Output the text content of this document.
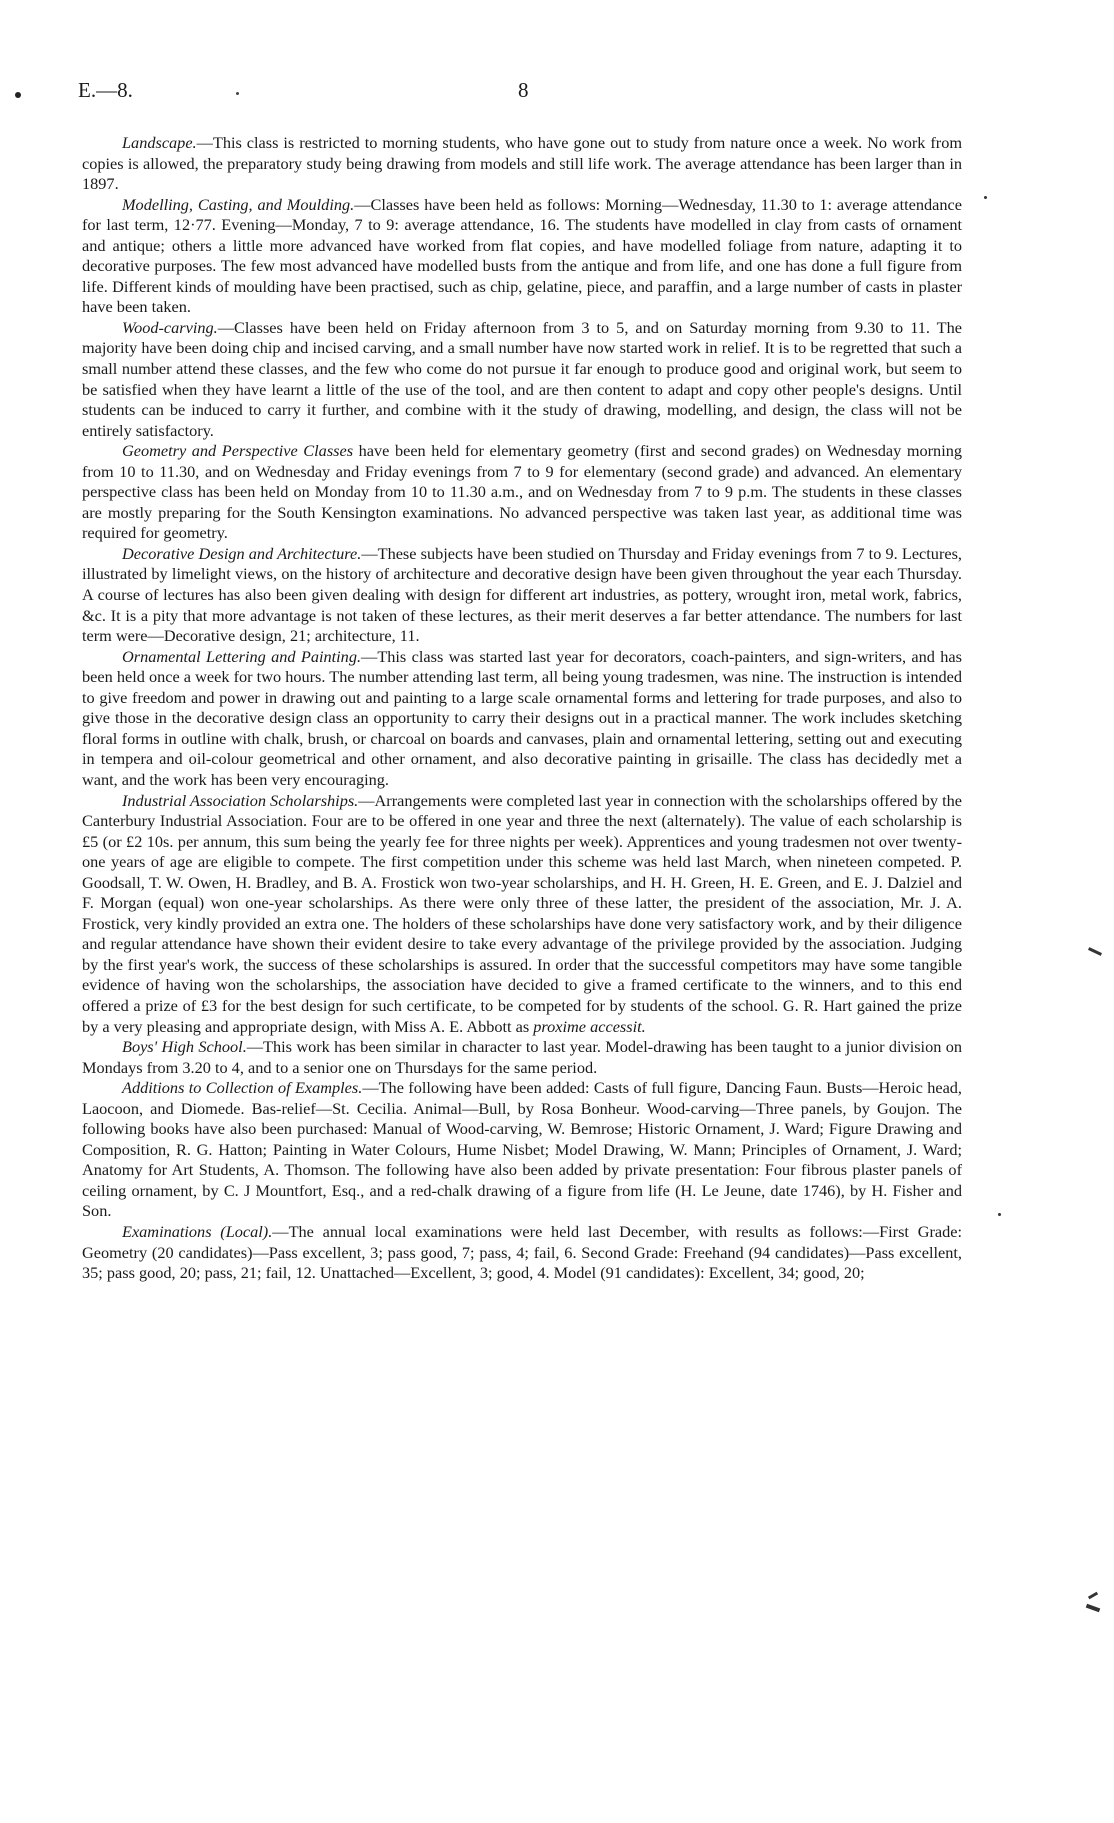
E.—8.	8

Landscape.—This class is restricted to morning students, who have gone out to study from nature once a week. No work from copies is allowed, the preparatory study being drawing from models and still life work. The average attendance has been larger than in 1897.

Modelling, Casting, and Moulding.—Classes have been held as follows: Morning—Wednesday, 11.30 to 1: average attendance for last term, 12·77. Evening—Monday, 7 to 9: average attendance, 16. The students have modelled in clay from casts of ornament and antique; others a little more advanced have worked from flat copies, and have modelled foliage from nature, adapting it to decorative purposes. The few most advanced have modelled busts from the antique and from life, and one has done a full figure from life. Different kinds of moulding have been practised, such as chip, gelatine, piece, and paraffin, and a large number of casts in plaster have been taken.

Wood-carving.—Classes have been held on Friday afternoon from 3 to 5, and on Saturday morning from 9.30 to 11. The majority have been doing chip and incised carving, and a small number have now started work in relief. It is to be regretted that such a small number attend these classes, and the few who come do not pursue it far enough to produce good and original work, but seem to be satisfied when they have learnt a little of the use of the tool, and are then content to adapt and copy other people's designs. Until students can be induced to carry it further, and combine with it the study of drawing, modelling, and design, the class will not be entirely satisfactory.

Geometry and Perspective Classes have been held for elementary geometry (first and second grades) on Wednesday morning from 10 to 11.30, and on Wednesday and Friday evenings from 7 to 9 for elementary (second grade) and advanced. An elementary perspective class has been held on Monday from 10 to 11.30 a.m., and on Wednesday from 7 to 9 p.m. The students in these classes are mostly preparing for the South Kensington examinations. No advanced perspective was taken last year, as additional time was required for geometry.

Decorative Design and Architecture.—These subjects have been studied on Thursday and Friday evenings from 7 to 9. Lectures, illustrated by limelight views, on the history of architecture and decorative design have been given throughout the year each Thursday. A course of lectures has also been given dealing with design for different art industries, as pottery, wrought iron, metal work, fabrics, &c. It is a pity that more advantage is not taken of these lectures, as their merit deserves a far better attendance. The numbers for last term were—Decorative design, 21; architecture, 11.

Ornamental Lettering and Painting.—This class was started last year for decorators, coach-painters, and sign-writers, and has been held once a week for two hours. The number attending last term, all being young tradesmen, was nine. The instruction is intended to give freedom and power in drawing out and painting to a large scale ornamental forms and lettering for trade purposes, and also to give those in the decorative design class an opportunity to carry their designs out in a practical manner. The work includes sketching floral forms in outline with chalk, brush, or charcoal on boards and canvases, plain and ornamental lettering, setting out and executing in tempera and oil-colour geometrical and other ornament, and also decorative painting in grisaille. The class has decidedly met a want, and the work has been very encouraging.

Industrial Association Scholarships.—Arrangements were completed last year in connection with the scholarships offered by the Canterbury Industrial Association. Four are to be offered in one year and three the next (alternately). The value of each scholarship is £5 (or £2 10s. per annum, this sum being the yearly fee for three nights per week). Apprentices and young tradesmen not over twenty-one years of age are eligible to compete. The first competition under this scheme was held last March, when nineteen competed. P. Goodsall, T. W. Owen, H. Bradley, and B. A. Frostick won two-year scholarships, and H. H. Green, H. E. Green, and E. J. Dalziel and F. Morgan (equal) won one-year scholarships. As there were only three of these latter, the president of the association, Mr. J. A. Frostick, very kindly provided an extra one. The holders of these scholarships have done very satisfactory work, and by their diligence and regular attendance have shown their evident desire to take every advantage of the privilege provided by the association. Judging by the first year's work, the success of these scholarships is assured. In order that the successful competitors may have some tangible evidence of having won the scholarships, the association have decided to give a framed certificate to the winners, and to this end offered a prize of £3 for the best design for such certificate, to be competed for by students of the school. G. R. Hart gained the prize by a very pleasing and appropriate design, with Miss A. E. Abbott as proxime accessit.

Boys' High School.—This work has been similar in character to last year. Model-drawing has been taught to a junior division on Mondays from 3.20 to 4, and to a senior one on Thursdays for the same period.

Additions to Collection of Examples.—The following have been added: Casts of full figure, Dancing Faun. Busts—Heroic head, Laocoon, and Diomede. Bas-relief—St. Cecilia. Animal—Bull, by Rosa Bonheur. Wood-carving—Three panels, by Goujon. The following books have also been purchased: Manual of Wood-carving, W. Bemrose; Historic Ornament, J. Ward; Figure Drawing and Composition, R. G. Hatton; Painting in Water Colours, Hume Nisbet; Model Drawing, W. Mann; Principles of Ornament, J. Ward; Anatomy for Art Students, A. Thomson. The following have also been added by private presentation: Four fibrous plaster panels of ceiling ornament, by C. J Mountfort, Esq., and a red-chalk drawing of a figure from life (H. Le Jeune, date 1746), by H. Fisher and Son.

Examinations (Local).—The annual local examinations were held last December, with results as follows:—First Grade: Geometry (20 candidates)—Pass excellent, 3; pass good, 7; pass, 4; fail, 6. Second Grade: Freehand (94 candidates)—Pass excellent, 35; pass good, 20; pass, 21; fail, 12. Unattached—Excellent, 3; good, 4. Model (91 candidates): Excellent, 34; good, 20;
